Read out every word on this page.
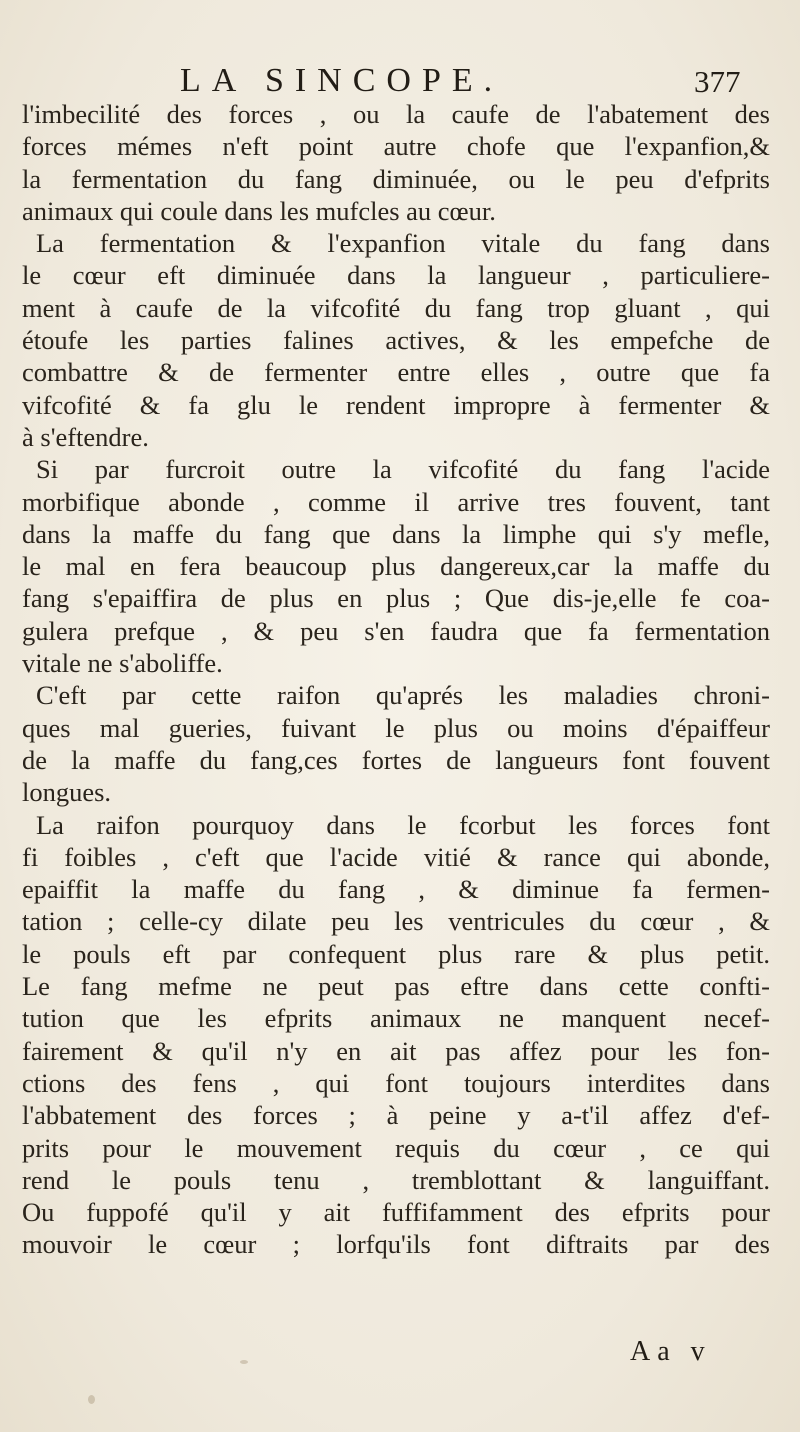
LA SINCOPE.	377
l'imbecilité des forces , ou la caufe de l'abatement des
forces mémes n'eft point autre chofe que l'expanfion,&
la fermentation du fang diminuée, ou le peu d'efprits
animaux qui coule dans les mufcles au cœur.
La fermentation & l'expanfion vitale du fang dans
le cœur eft diminuée dans la langueur , particuliere-
ment à caufe de la vifcofité du fang trop gluant , qui
étoufe les parties falines actives, & les empefche de
combattre & de fermenter entre elles , outre que fa
vifcofité & fa glu le rendent impropre à fermenter &
à s'eftendre.
Si par furcroit outre la vifcofité du fang l'acide
morbifique abonde , comme il arrive tres fouvent, tant
dans la maffe du fang que dans la limphe qui s'y mefle,
le mal en fera beaucoup plus dangereux,car la maffe du
fang s'epaiffira de plus en plus ; Que dis-je,elle fe coa-
gulera prefque , & peu s'en faudra que fa fermentation
vitale ne s'aboliffe.
C'eft par cette raifon qu'aprés les maladies chroni-
ques mal gueries, fuivant le plus ou moins d'épaiffeur
de la maffe du fang,ces fortes de langueurs font fouvent
longues.
La raifon pourquoy dans le fcorbut les forces font
fi foibles , c'eft que l'acide vitié & rance qui abonde,
epaiffit la maffe du fang , & diminue fa fermen-
tation ; celle-cy dilate peu les ventricules du cœur , &
le pouls eft par confequent plus rare & plus petit.
Le fang mefme ne peut pas eftre dans cette confti-
tution que les efprits animaux ne manquent necef-
fairement & qu'il n'y en ait pas affez pour les fon-
ctions des fens , qui font toujours interdites dans
l'abbatement des forces ; à peine y a-t'il affez d'ef-
prits pour le mouvement requis du cœur , ce qui
rend le pouls tenu , tremblottant & languiffant.
Ou fuppofé qu'il y ait fuffifamment des efprits pour
mouvoir le cœur ; lorfqu'ils font diftraits par des
Aa v
